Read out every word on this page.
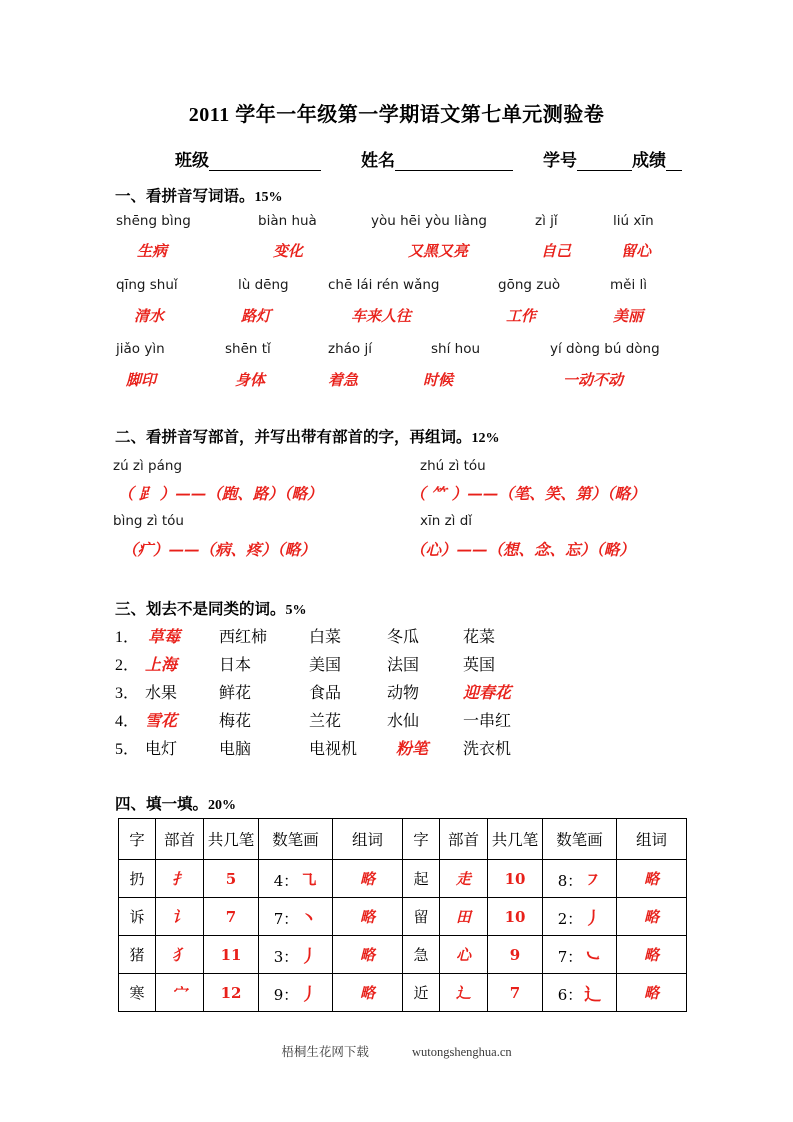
2011 学年一年级第一学期语文第七单元测验卷
班级	姓名	学号	成绩
一、看拼音写词语。15%
shēng bìng	biàn huà	yòu hēi yòu liàng	zì jǐ	liú xīn
生病	变化	又黑又亮	自己	留心
qīng shuǐ	lù dēng	chē lái rén wǎng	gōng zuò	měi lì
清水	路灯	车来人往	工作	美丽
jiǎo yìn	shēn tǐ	zháo jí	shí hou	yí dòng bú dòng
脚印	身体	着急	时候	一动不动
二、看拼音写部首，并写出带有部首的字，再组词。12%
zú zì páng	zhú zì tóu
（ 𧾷 ）——（跑、路）（略）	（ ⺮ ）——（笔、笑、第）（略）
bìng zì tóu	xīn zì dǐ
（疒）——（病、疼）（略）	（心）——（想、念、忘）（略）
三、划去不是同类的词。5%
1． 草莓 西红柿	白菜	冬瓜	花菜
2． 上海	日本	美国	法国	英国
3． 水果	鲜花	食品	动物	迎春花
4． 雪花	梅花	兰花	水仙	一串红
5． 电灯	电脑	电视机 粉笔 洗衣机
四、填一填。20%
字	部首	共几笔	数笔画	组词	字	部首	共几笔	数笔画	组词
扔	扌	5	4： ㇈	略	起	走	10	8： ㇇	略
诉	讠	7	7： 丶	略	留	田	10	2： 丿	略
猪	犭	11	3： 丿	略	急	心	9	7： ㇃	略
寒	宀	12	9： 丿	略	近	辶	7	6： 辶	略
梧桐生花网下载	wutongshenghua.cn
